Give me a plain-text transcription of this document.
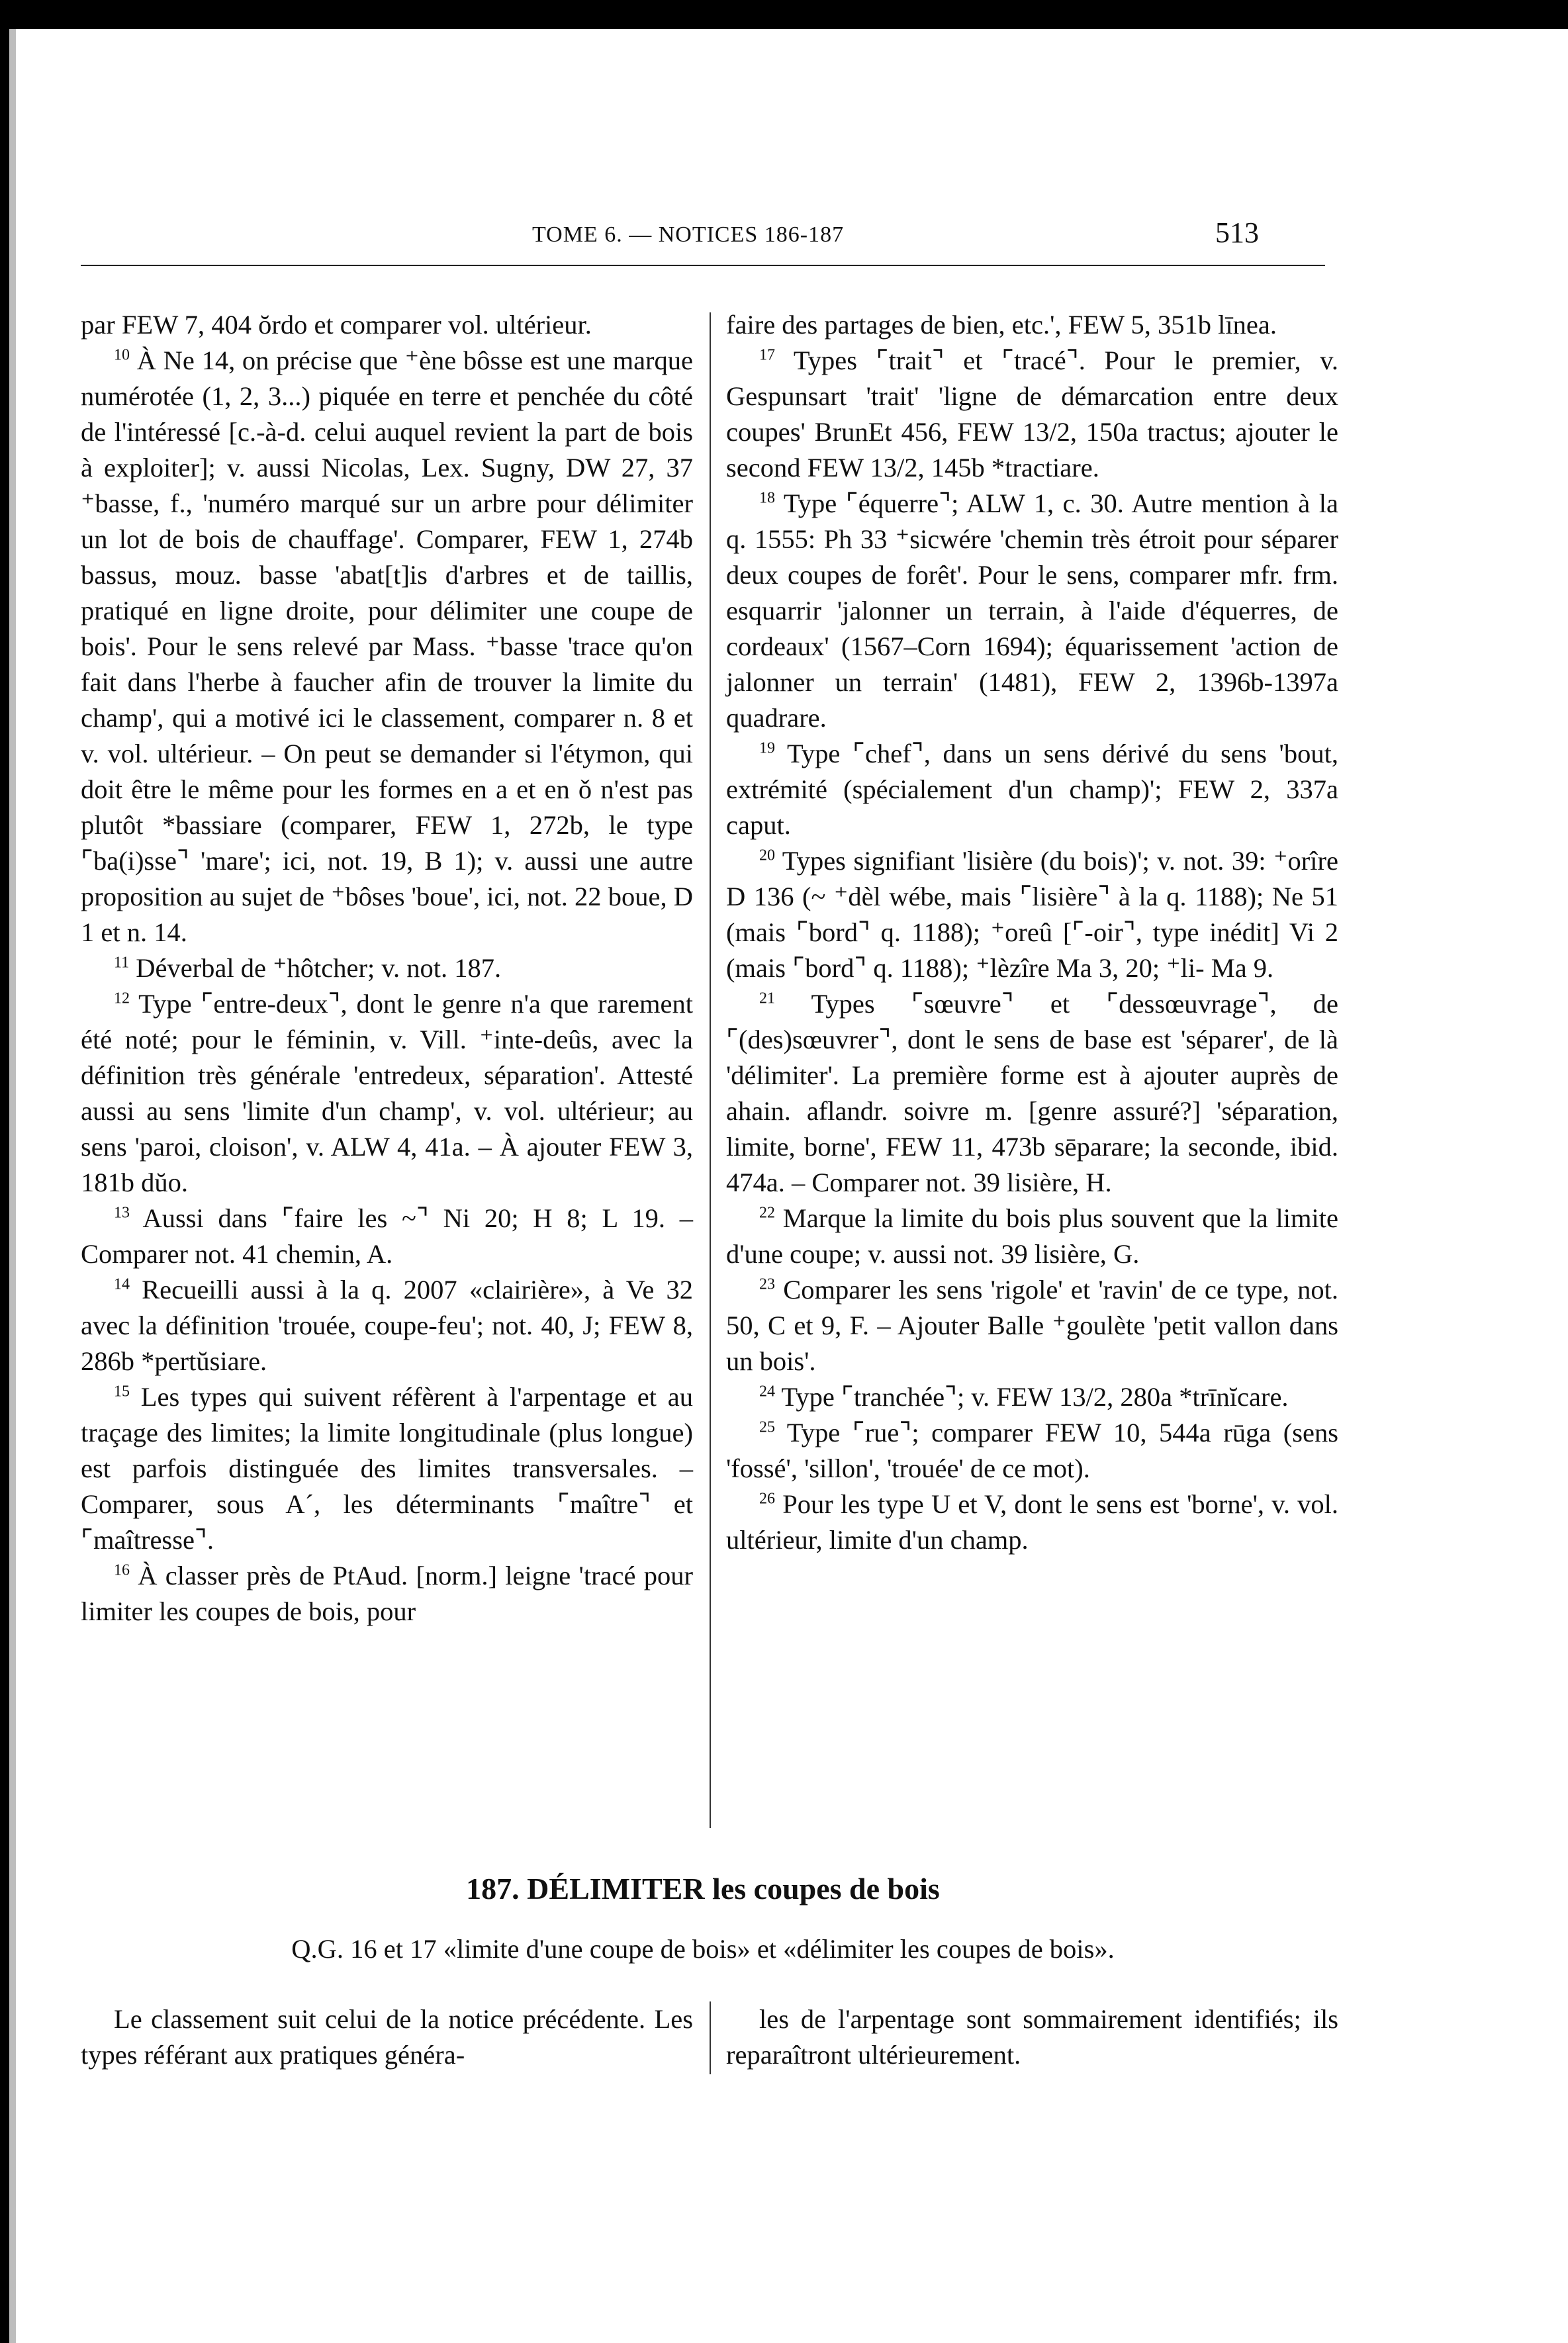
TOME 6. — NOTICES 186-187	513

par FEW 7, 404 ŏrdo et comparer vol. ultérieur.

$^{10}$ À Ne 14, on précise que ⁺ène bôsse est une marque numérotée (1, 2, 3...) piquée en terre et penchée du côté de l'intéressé [c.-à-d. celui auquel revient la part de bois à exploiter]; v. aussi Nicolas, Lex. Sugny, DW 27, 37 ⁺basse, f., 'numéro marqué sur un arbre pour délimiter un lot de bois de chauffage'. Comparer, FEW 1, 274b bassus, mouz. basse 'abat[t]is d'arbres et de taillis, pratiqué en ligne droite, pour délimiter une coupe de bois'. Pour le sens relevé par Mass. ⁺basse 'trace qu'on fait dans l'herbe à faucher afin de trouver la limite du champ', qui a motivé ici le classement, comparer n. 8 et v. vol. ultérieur. – On peut se demander si l'étymon, qui doit être le même pour les formes en a et en ǒ n'est pas plutôt *bassiare (comparer, FEW 1, 272b, le type ⌜ba(i)sse⌝ 'mare'; ici, not. 19, B 1); v. aussi une autre proposition au sujet de ⁺bôses 'boue', ici, not. 22 boue, D 1 et n. 14.

$^{11}$ Déverbal de ⁺hôtcher; v. not. 187.

$^{12}$ Type ⌜entre-deux⌝, dont le genre n'a que rarement été noté; pour le féminin, v. Vill. ⁺inte-deûs, avec la définition très générale 'entredeux, séparation'. Attesté aussi au sens 'limite d'un champ', v. vol. ultérieur; au sens 'paroi, cloison', v. ALW 4, 41a. – À ajouter FEW 3, 181b dŭo.

$^{13}$ Aussi dans ⌜faire les ~⌝ Ni 20; H 8; L 19. – Comparer not. 41 chemin, A.

$^{14}$ Recueilli aussi à la q. 2007 «clairière», à Ve 32 avec la définition 'trouée, coupe-feu'; not. 40, J; FEW 8, 286b *pertŭsiare.

$^{15}$ Les types qui suivent réfèrent à l'arpentage et au traçage des limites; la limite longitudinale (plus longue) est parfois distinguée des limites transversales. – Comparer, sous A´, les déterminants ⌜maître⌝ et ⌜maîtresse⌝.

$^{16}$ À classer près de PtAud. [norm.] leigne 'tracé pour limiter les coupes de bois, pour

faire des partages de bien, etc.', FEW 5, 351b līnea.

$^{17}$ Types ⌜trait⌝ et ⌜tracé⌝. Pour le premier, v. Gespunsart 'trait' 'ligne de démarcation entre deux coupes' BrunEt 456, FEW 13/2, 150a tractus; ajouter le second FEW 13/2, 145b *tractiare.

$^{18}$ Type ⌜équerre⌝; ALW 1, c. 30. Autre mention à la q. 1555: Ph 33 ⁺sicwére 'chemin très étroit pour séparer deux coupes de forêt'. Pour le sens, comparer mfr. frm. esquarrir 'jalonner un terrain, à l'aide d'équerres, de cordeaux' (1567–Corn 1694); équarissement 'action de jalonner un terrain' (1481), FEW 2, 1396b-1397a quadrare.

$^{19}$ Type ⌜chef⌝, dans un sens dérivé du sens 'bout, extrémité (spécialement d'un champ)'; FEW 2, 337a caput.

$^{20}$ Types signifiant 'lisière (du bois)'; v. not. 39: ⁺orîre D 136 (~ ⁺dèl wébe, mais ⌜lisière⌝ à la q. 1188); Ne 51 (mais ⌜bord⌝ q. 1188); ⁺oreû [⌜-oir⌝, type inédit] Vi 2 (mais ⌜bord⌝ q. 1188); ⁺lèzîre Ma 3, 20; ⁺li- Ma 9.

$^{21}$ Types ⌜sœuvre⌝ et ⌜dessœuvrage⌝, de ⌜(des)sœuvrer⌝, dont le sens de base est 'séparer', de là 'délimiter'. La première forme est à ajouter auprès de ahain. aflandr. soivre m. [genre assuré?] 'séparation, limite, borne', FEW 11, 473b sēparare; la seconde, ibid. 474a. – Comparer not. 39 lisière, H.

$^{22}$ Marque la limite du bois plus souvent que la limite d'une coupe; v. aussi not. 39 lisière, G.

$^{23}$ Comparer les sens 'rigole' et 'ravin' de ce type, not. 50, C et 9, F. – Ajouter Balle ⁺goulète 'petit vallon dans un bois'.

$^{24}$ Type ⌜tranchée⌝; v. FEW 13/2, 280a *trīnĭcare.

$^{25}$ Type ⌜rue⌝; comparer FEW 10, 544a rūga (sens 'fossé', 'sillon', 'trouée' de ce mot).

$^{26}$ Pour les type U et V, dont le sens est 'borne', v. vol. ultérieur, limite d'un champ.

187. DÉLIMITER les coupes de bois

Q.G. 16 et 17 «limite d'une coupe de bois» et «délimiter les coupes de bois».

Le classement suit celui de la notice précédente. Les types référant aux pratiques généra-

les de l'arpentage sont sommairement identifiés; ils reparaîtront ultérieurement.
